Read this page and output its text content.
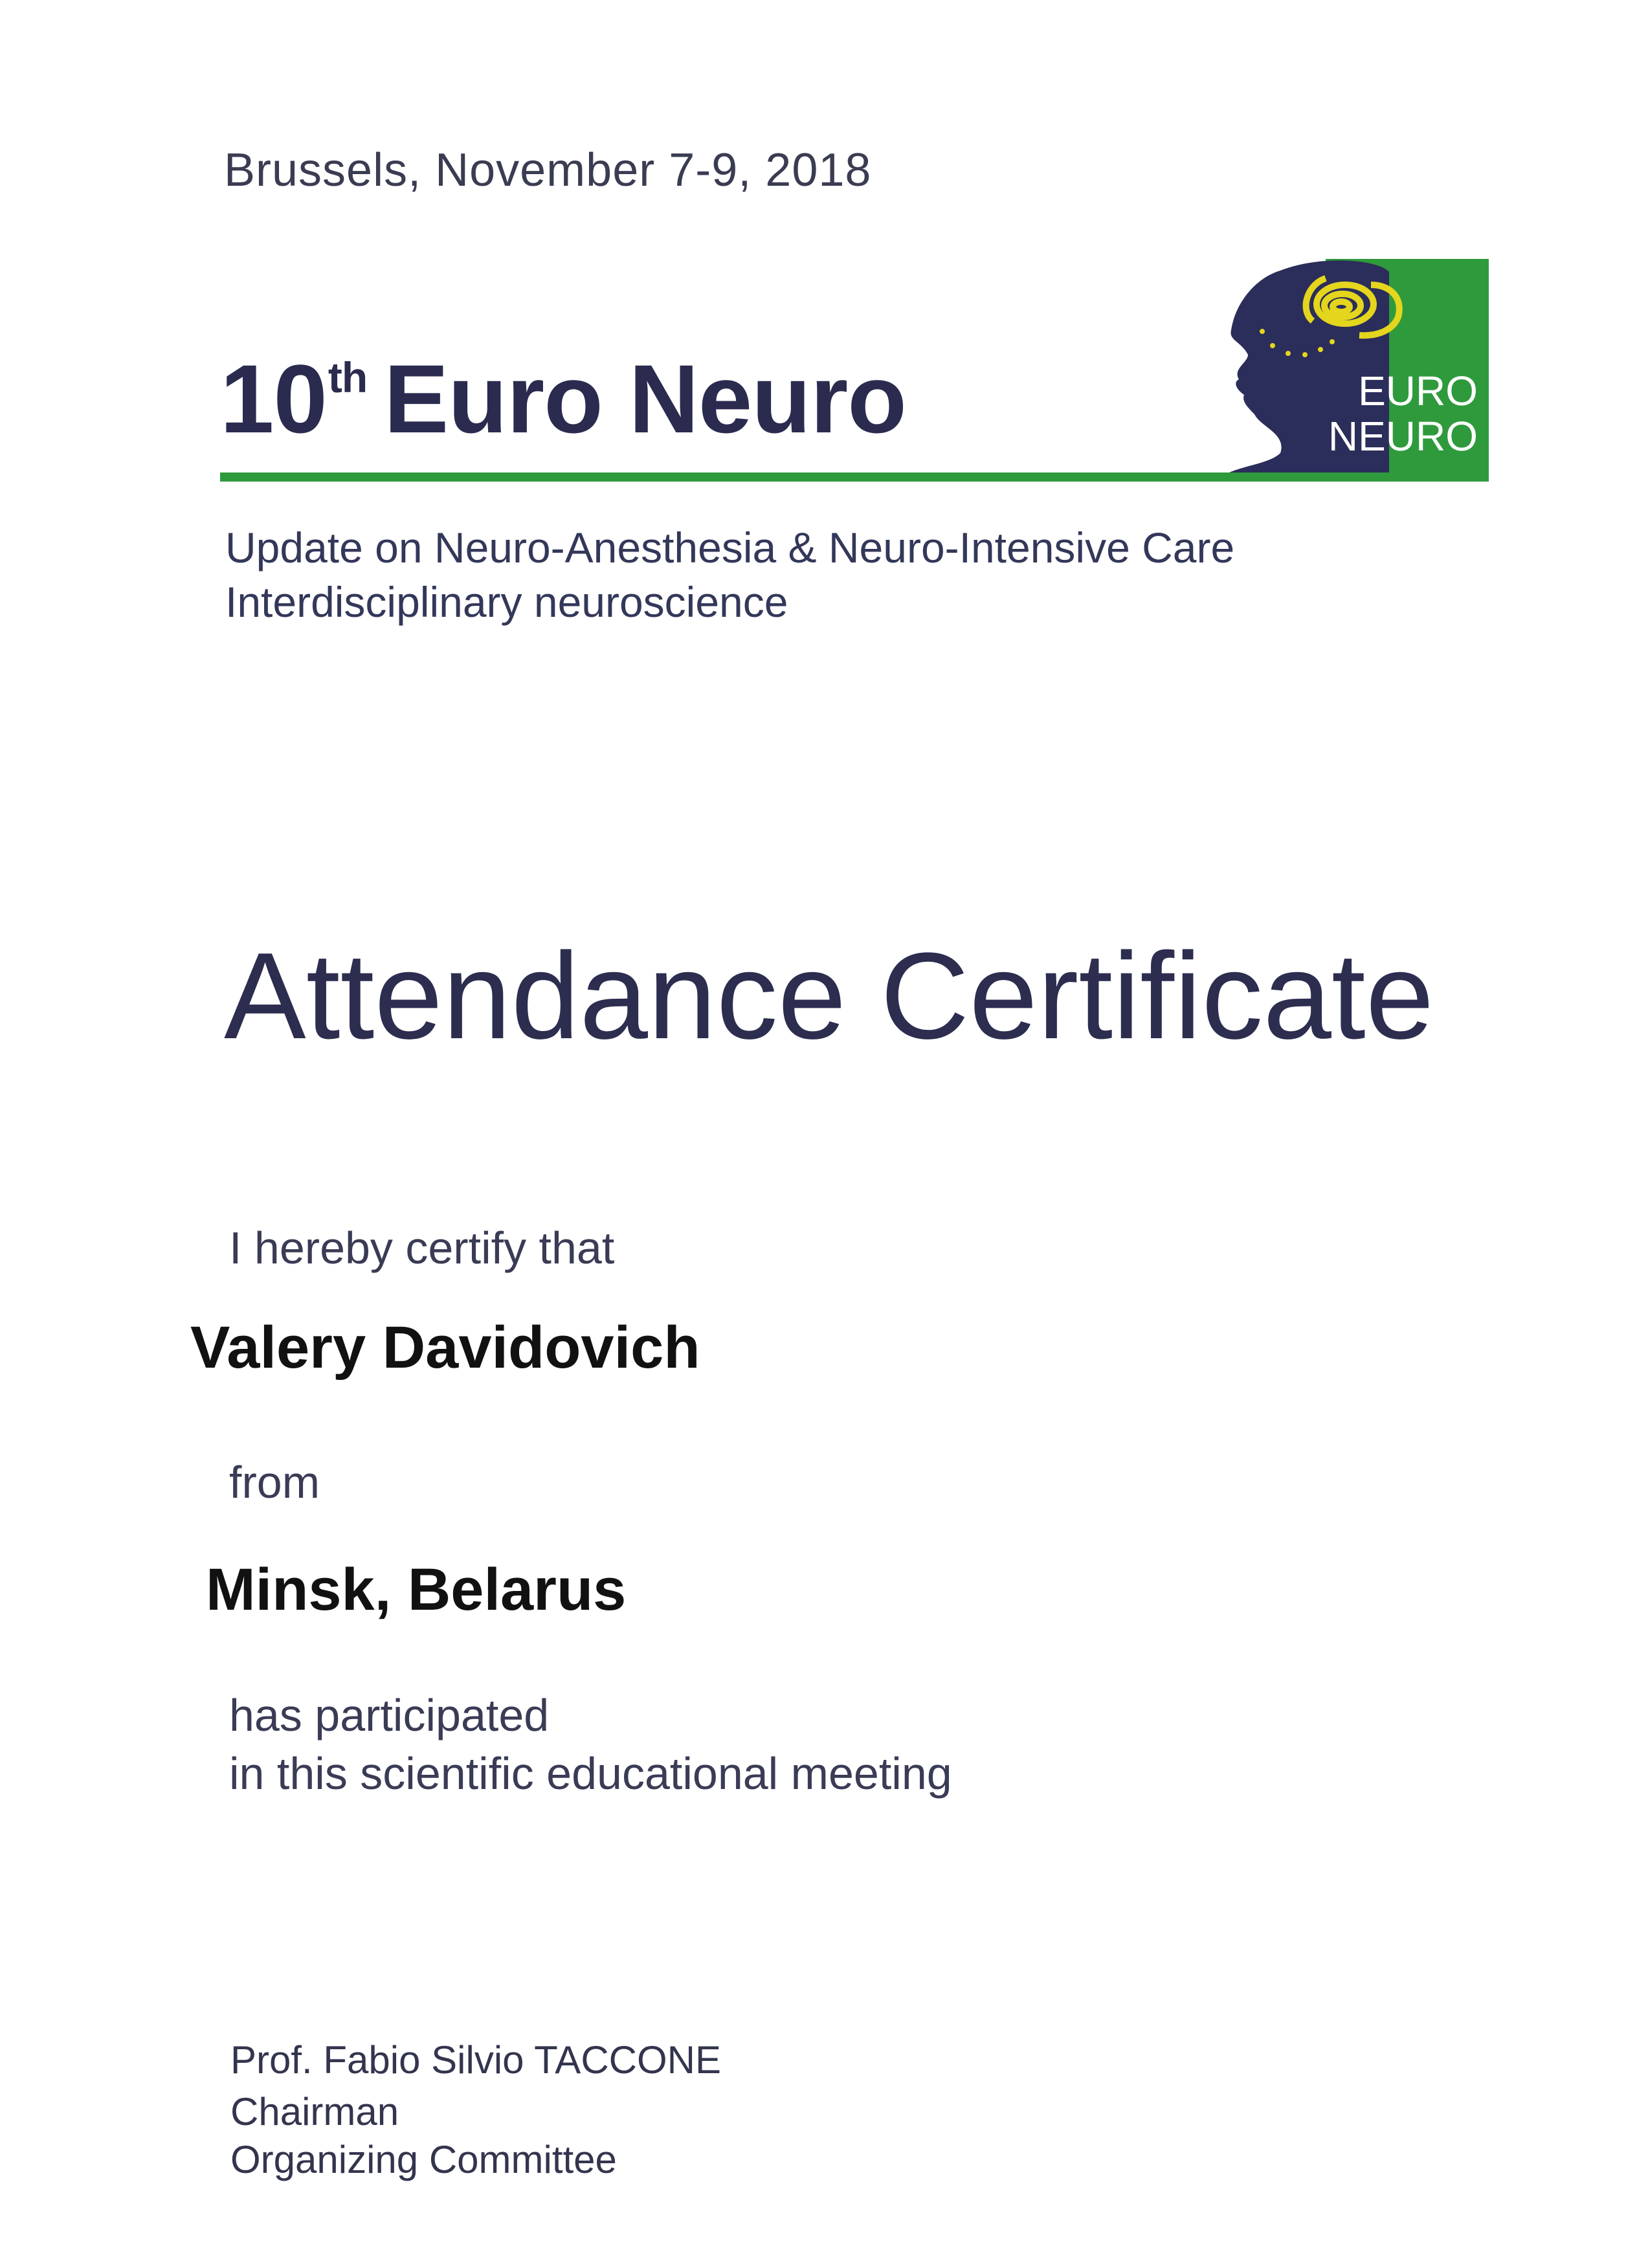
Brussels, November 7-9, 2018
10th Euro Neuro	EURO
NEURO
Update on Neuro-Anesthesia & Neuro-Intensive Care
Interdisciplinary neuroscience
Attendance Certificate
I hereby certify that
Valery Davidovich
from
Minsk, Belarus
has participated
in this scientific educational meeting
Prof. Fabio Silvio TACCONE
Chairman
Organizing Committee
